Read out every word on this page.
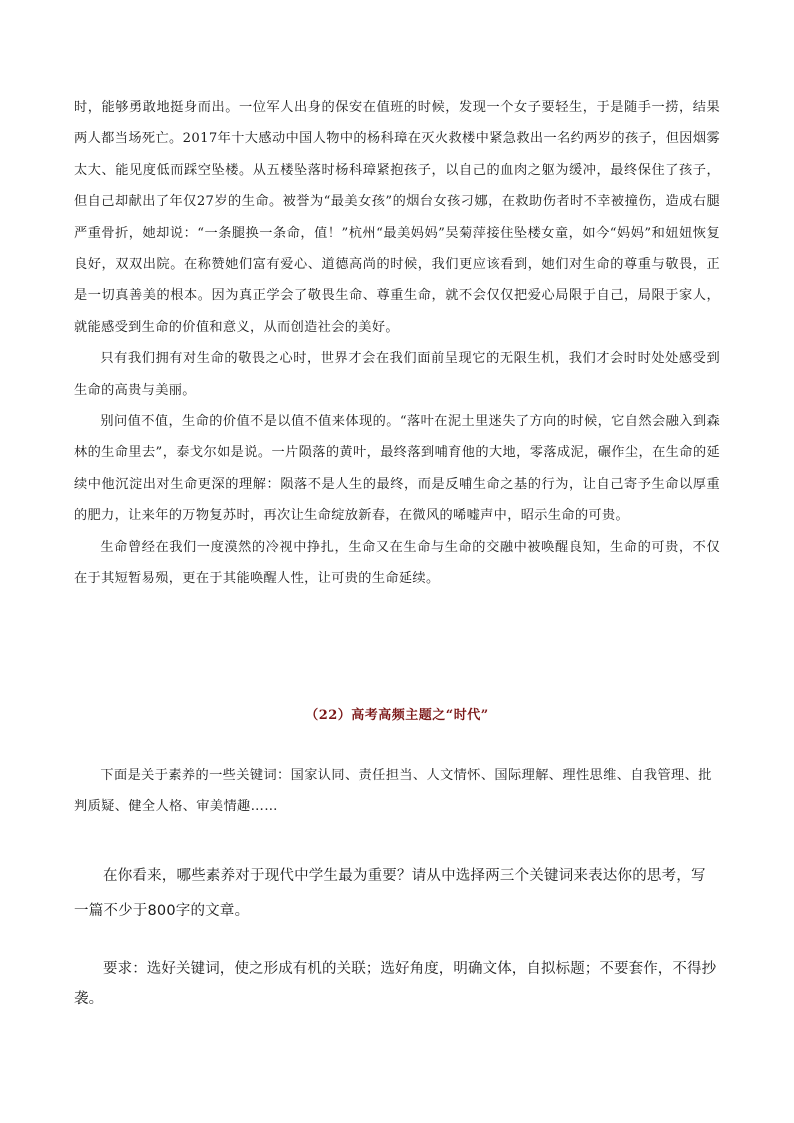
时，能够勇敢地挺身而出。一位军人出身的保安在值班的时候，发现一个女子要轻生，于是随手一捞，结果两人都当场死亡。2017年十大感动中国人物中的杨科璋在灭火救楼中紧急救出一名约两岁的孩子，但因烟雾太大、能见度低而踩空坠楼。从五楼坠落时杨科璋紧抱孩子，以自己的血肉之躯为缓冲，最终保住了孩子，但自己却献出了年仅27岁的生命。被誉为“最美女孩”的烟台女孩刁娜，在救助伤者时不幸被撞伤，造成右腿严重骨折，她却说：“一条腿换一条命，值！”杭州“最美妈妈”吴菊萍接住坠楼女童，如今“妈妈”和妞妞恢复良好，双双出院。在称赞她们富有爱心、道德高尚的时候，我们更应该看到，她们对生命的尊重与敬畏，正是一切真善美的根本。因为真正学会了敬畏生命、尊重生命，就不会仅仅把爱心局限于自己，局限于家人，就能感受到生命的价值和意义，从而创造社会的美好。

只有我们拥有对生命的敬畏之心时，世界才会在我们面前呈现它的无限生机，我们才会时时处处感受到生命的高贵与美丽。

别问值不值，生命的价值不是以值不值来体现的。“落叶在泥土里迷失了方向的时候，它自然会融入到森林的生命里去”，泰戈尔如是说。一片陨落的黄叶，最终落到哺育他的大地，零落成泥，碾作尘，在生命的延续中他沉淀出对生命更深的理解：陨落不是人生的最终，而是反哺生命之基的行为，让自己寄予生命以厚重的肥力，让来年的万物复苏时，再次让生命绽放新春，在微风的唏嘘声中，昭示生命的可贵。

生命曾经在我们一度漠然的冷视中挣扎，生命又在生命与生命的交融中被唤醒良知，生命的可贵，不仅在于其短暂易殒，更在于其能唤醒人性，让可贵的生命延续。

（22）高考高频主题之“时代”

下面是关于素养的一些关键词：国家认同、责任担当、人文情怀、国际理解、理性思维、自我管理、批判质疑、健全人格、审美情趣……

在你看来，哪些素养对于现代中学生最为重要？请从中选择两三个关键词来表达你的思考，写一篇不少于800字的文章。

要求：选好关键词，使之形成有机的关联；选好角度，明确文体，自拟标题；不要套作，不得抄袭。
